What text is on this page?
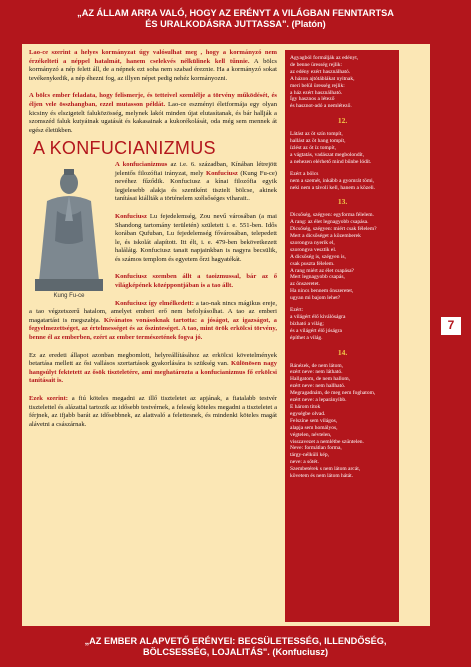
„AZ ÁLLAM ARRA VALÓ, HOGY AZ ERÉNYT A VILÁGBAN FENNTARTSA
ÉS URALKODÁSRA JUTTASSA". (Platón)

Lao-ce szerint a helyes kormányzat úgy valósulhat meg , hogy a kormányzó nem érzékelteti a néppel hatalmát, hanem cselekvés nélkülinek kell tűnnie. A bölcs kormányzó a nép felett áll, de a népnek ezt soha nem szabad éreznie. Ha a kormányzó sokat tevékenykedik, a nép éhezni fog, az illyen népet pedig nehéz kormányozni.

A bölcs ember feladata, hogy felismerje, és tetteivel szemlélje a törvény működését, és éljen vele összhangban, ezzel mutasson példát. Lao-ce eszményi életformája egy olyan kicsiny és elszigetelt faluközösség, melynek lakói minden újat elutasítanak, és bár hallják a szomszéd faluk kutyáinak ugatását és kakasainak a kukorékolását, oda még sem mennek át egész életükben.

A KONFUCIANIZMUS
Kung Fu-ce

A konfucianizmus az i.e. 6. században, Kínában létrejött jelentős filozófiai irányzat, mely Konfuciusz (Kung Fu-ce) nevéhez fűződik. Konfuciusz a kínai filozófia egyik legjelesebb alakja és szentként tisztelt bölcse, akinek tanításai kiállták a történelem szélsőséges viharait..

Konfuciusz Lu fejedelemség, Zou nevű városában (a mai Shandong tartomány területén) született i. e. 551-ben. Idős korában Qufuban, Lu fejedelemség fővárosában, telepedett le, és iskolát alapított. Itt élt, i. e. 479-ben bekövetkezett haláláig. Konfuciusz tanait napjainkban is nagyra becsülik, és számos templom és egyetem őrzi hagyatékát.

Konfuciusz szemben állt a taoizmussal, bár az ő világképének középpontjában is a tao állt.

Konfuciusz így elmélkedett: a tao-nak nincs mágikus ereje, a tao végzetszerű hatalom, amelyet emberi erő nem befolyásolhat. A tao az emberi magatartást is megszabja. Kívánatos vonásoknak tartotta: a jóságot, az igazságot, a fegyelmezettséget, az értelmességet és az őszinteséget. A tao, mint örök erkölcsi törvény, benne él az emberben, ezért az ember természetének fogva jó.

Ez az eredeti állapot azonban megbomlott, helyreállításához az erkölcsi követelmények betartása mellett az ősi vallásos szertartások gyakorlására is szükség van. Különösen nagy hangsúlyt fektetett az ősök tiszteletére, ami meghatározta a konfucianizmus fő erkölcsi tanításait is.

Ezek szerint: a fiú köteles megadni az illő tiszteletet az apjának, a fiatalabb testvér tisztelettel és alázattal tartozik az idősebb testvérnek, a feleség köteles megadni a tiszteletet a férjnek, az ifjabb barát az idősebbnek, az alattvaló a felettesnek, és mindenki köteles magát alávetni a császárnak.

Agyagból formálják az edényt,
de benne üresség rejlik:
az edény ezért használható.
A házon ajtótáblákat nyitnak,
meri belül üresség rejlik:
a ház ezért használható.
Így hasznos a létező
és hasznot-adó a nemlétező.
12.
Látást az öt szín tompít,
hallást az öt hang tompít,
ízlést az öt íz tompít,
a vágtatás, vadászat megbolondít,
a nehezen elérhető mind bűnbe lódít.
Ezért a bölcs
nem a szemét, inkább a gyomrát tömi,
neki nem a távoli kell, hanem a közeli.
13.
Dicsőség, szégyen: egyforma félelem.
A rang: az élet legnagyobb csapása.
Dicsőség, szégyen: miért csak félelem?
Mert a dicsőséget a közemberek
szorongva nyerik el,
szorongva vesztik el.
A dicsőség is, szégyen is,
csak puszta félelem.
A rang miért az élet csapása?
Mert legnagyobb csapás,
az önszeretet.
Ha nincs bennem önszeretet,
ugyan mi bajom lehet?
Ezért:
a világért élő kiválóságra
bízható a világ;
és a világért élő jóságra
építhet a világ.
14.
Ránézek, de nem látom,
ezért neve: nem látható.
Hallgatom, de nem hallom,
ezért neve: nem hallható.
Megragadnám, de meg nem foghatom,
ezért neve: a leparányibb.
E három titok
egységbe olvad.
Felszíne sem világos,
alapja sem homályos,
végtelen, névtelen,
visszavezet a nemlétbe szüntelen.
Neve: formátlan forma,
tárgy-nélküli kép,
neve: a sötét.
Szembetérek s nem látom arcát,
követem és nem látom hátát.
7
„AZ EMBER ALAPVETŐ ERÉNYEI: BECSÜLETESSÉG, ILLENDŐSÉG,
BÖLCSESSÉG, LOJALITÁS". (Konfuciusz)
